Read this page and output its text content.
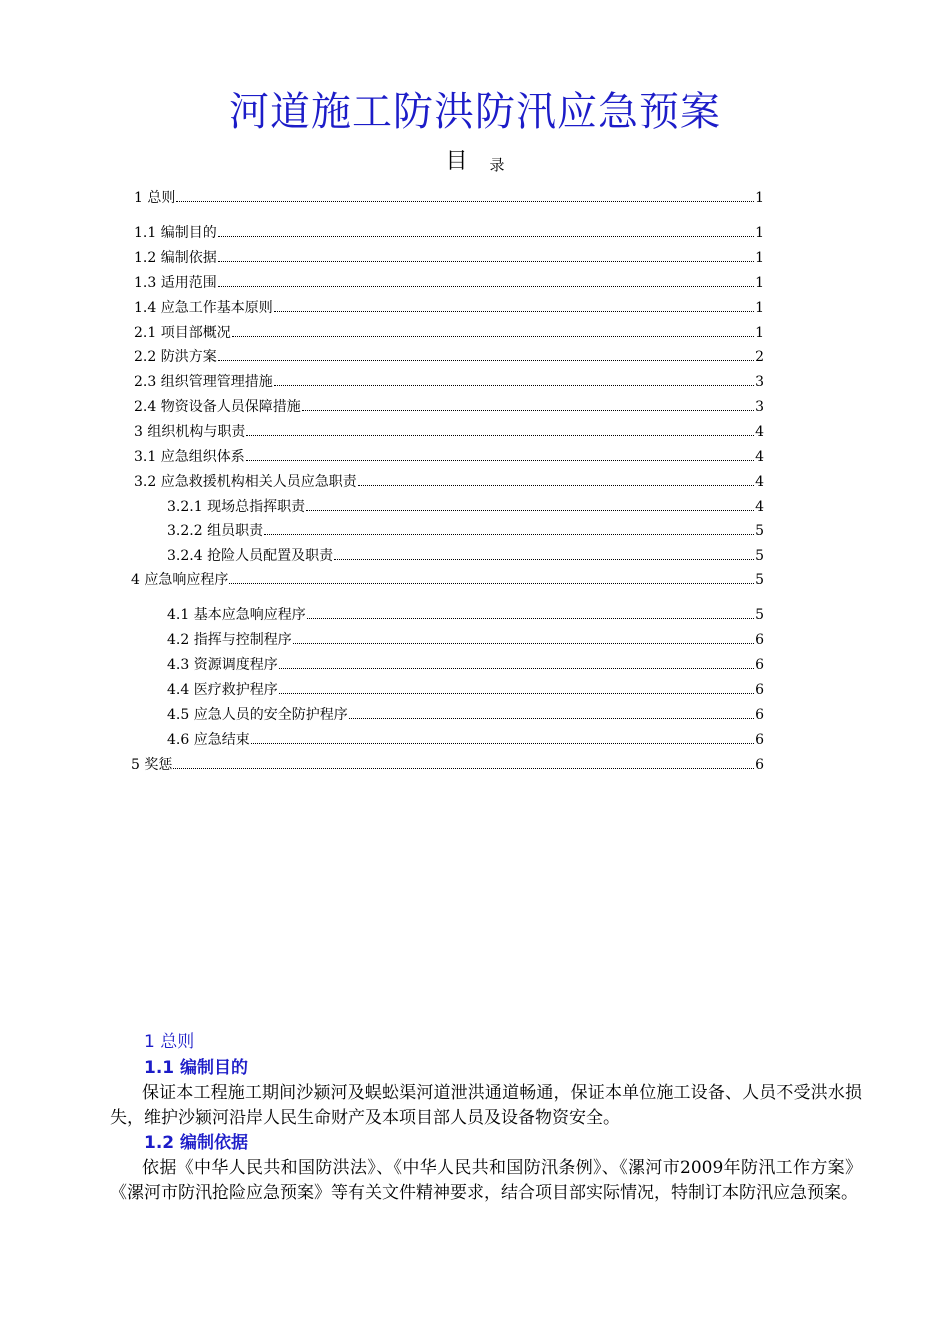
河道施工防洪防汛应急预案
目 录
1 总则	1
1.1 编制目的	1
1.2 编制依据	1
1.3 适用范围	1
1.4 应急工作基本原则	1
2.1 项目部概况	1
2.2 防洪方案	2
2.3 组织管理管理措施	3
2.4 物资设备人员保障措施	3
3 组织机构与职责	4
3.1 应急组织体系	4
3.2 应急救援机构相关人员应急职责	4
3.2.1 现场总指挥职责	4
3.2.2 组员职责	5
3.2.4 抢险人员配置及职责	5
4 应急响应程序	5
4.1 基本应急响应程序	5
4.2 指挥与控制程序	6
4.3 资源调度程序	6
4.4 医疗救护程序	6
4.5 应急人员的安全防护程序	6
4.6 应急结束	6
5 奖惩	6
1 总则
1.1 编制目的
保证本工程施工期间沙颍河及蜈蚣渠河道泄洪通道畅通，保证本单位施工设备、人员不受洪水损失，维护沙颍河沿岸人民生命财产及本项目部人员及设备物资安全。
1.2 编制依据
依据《中华人民共和国防洪法》、《中华人民共和国防汛条例》、《漯河市2009年防汛工作方案》《漯河市防汛抢险应急预案》等有关文件精神要求，结合项目部实际情况，特制订本防汛应急预案。
